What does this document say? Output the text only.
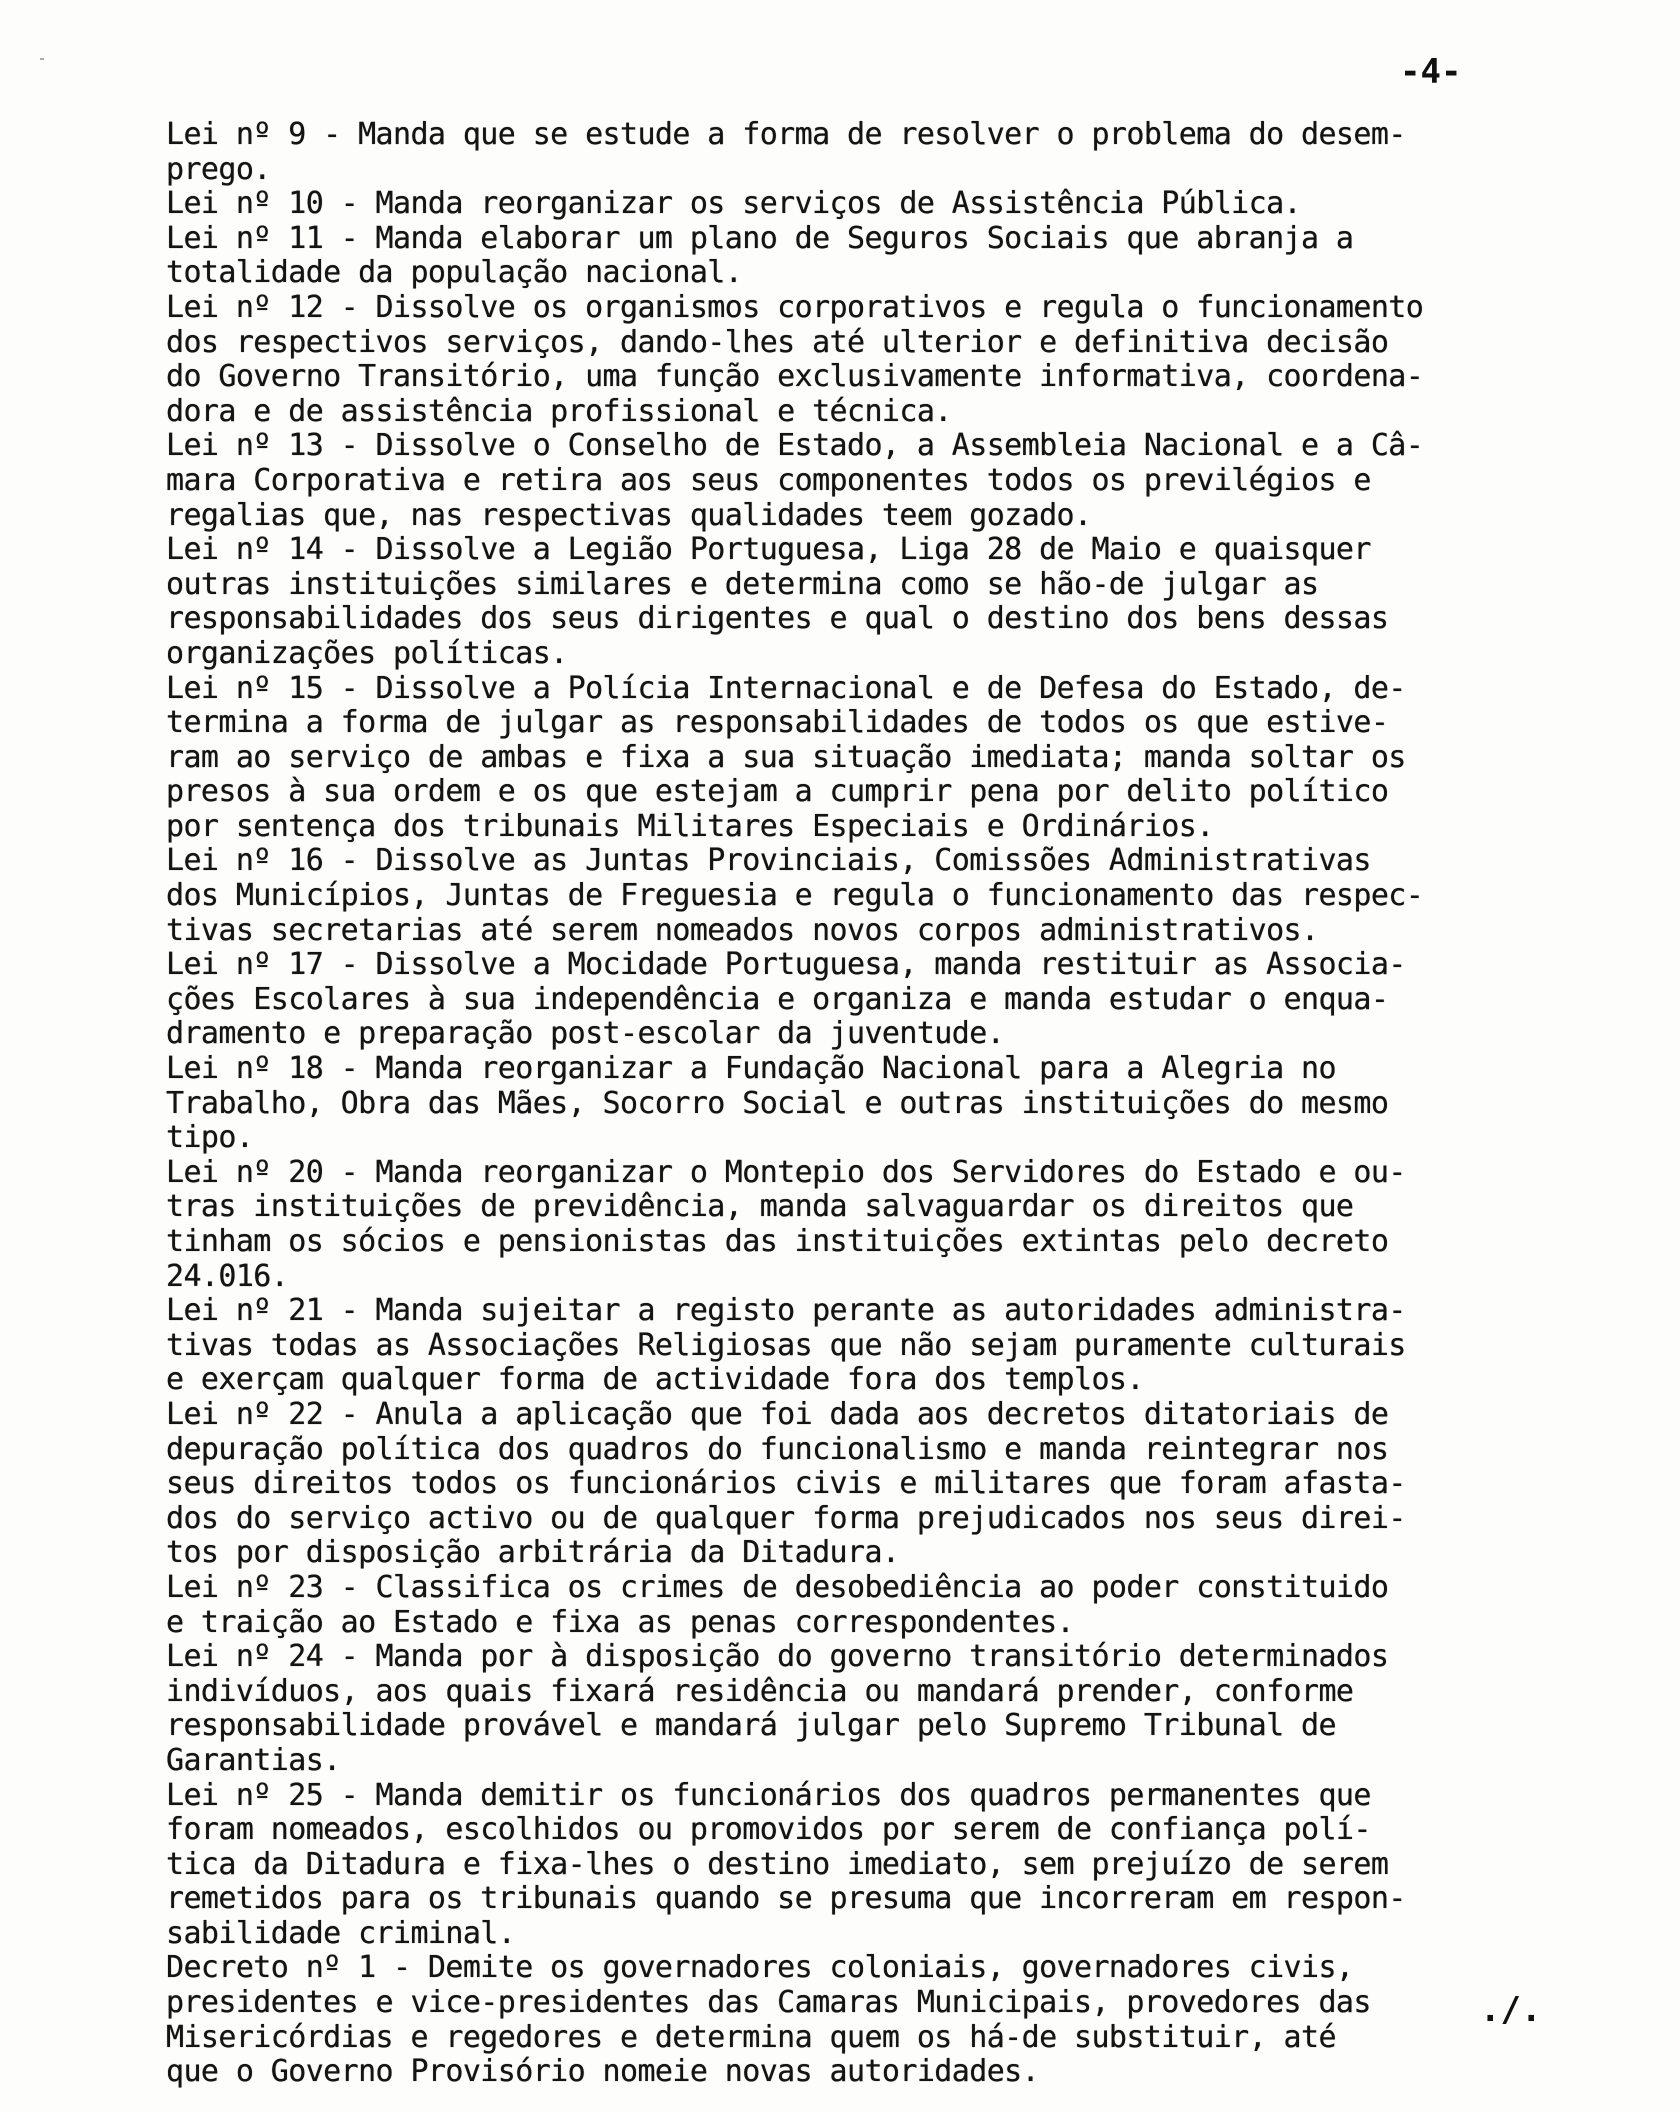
-4-
Lei nº 9 - Manda que se estude a forma de resolver o problema do desem-
prego.
Lei nº 10 - Manda reorganizar os serviços de Assistência Pública.
Lei nº 11 - Manda elaborar um plano de Seguros Sociais que abranja a
totalidade da população nacional.
Lei nº 12 - Dissolve os organismos corporativos e regula o funcionamento
dos respectivos serviços, dando-lhes até ulterior e definitiva decisão
do Governo Transitório, uma função exclusivamente informativa, coordena-
dora e de assistência profissional e técnica.
Lei nº 13 - Dissolve o Conselho de Estado, a Assembleia Nacional e a Câ-
mara Corporativa e retira aos seus componentes todos os previlégios e
regalias que, nas respectivas qualidades teem gozado.
Lei nº 14 - Dissolve a Legião Portuguesa, Liga 28 de Maio e quaisquer
outras instituições similares e determina como se hão-de julgar as
responsabilidades dos seus dirigentes e qual o destino dos bens dessas
organizações políticas.
Lei nº 15 - Dissolve a Polícia Internacional e de Defesa do Estado, de-
termina a forma de julgar as responsabilidades de todos os que estive-
ram ao serviço de ambas e fixa a sua situação imediata; manda soltar os
presos à sua ordem e os que estejam a cumprir pena por delito político
por sentença dos tribunais Militares Especiais e Ordinários.
Lei nº 16 - Dissolve as Juntas Provinciais, Comissões Administrativas
dos Municípios, Juntas de Freguesia e regula o funcionamento das respec-
tivas secretarias até serem nomeados novos corpos administrativos.
Lei nº 17 - Dissolve a Mocidade Portuguesa, manda restituir as Associa-
ções Escolares à sua independência e organiza e manda estudar o enqua-
dramento e preparação post-escolar da juventude.
Lei nº 18 - Manda reorganizar a Fundação Nacional para a Alegria no
Trabalho, Obra das Mães, Socorro Social e outras instituições do mesmo
tipo.
Lei nº 20 - Manda reorganizar o Montepio dos Servidores do Estado e ou-
tras instituições de previdência, manda salvaguardar os direitos que
tinham os sócios e pensionistas das instituições extintas pelo decreto
24.016.
Lei nº 21 - Manda sujeitar a registo perante as autoridades administra-
tivas todas as Associações Religiosas que não sejam puramente culturais
e exerçam qualquer forma de actividade fora dos templos.
Lei nº 22 - Anula a aplicação que foi dada aos decretos ditatoriais de
depuração política dos quadros do funcionalismo e manda reintegrar nos
seus direitos todos os funcionários civis e militares que foram afasta-
dos do serviço activo ou de qualquer forma prejudicados nos seus direi-
tos por disposição arbitrária da Ditadura.
Lei nº 23 - Classifica os crimes de desobediência ao poder constituido
e traição ao Estado e fixa as penas correspondentes.
Lei nº 24 - Manda por à disposição do governo transitório determinados
indivíduos, aos quais fixará residência ou mandará prender, conforme
responsabilidade provável e mandará julgar pelo Supremo Tribunal de
Garantias.
Lei nº 25 - Manda demitir os funcionários dos quadros permanentes que
foram nomeados, escolhidos ou promovidos por serem de confiança polí-
tica da Ditadura e fixa-lhes o destino imediato, sem prejuízo de serem
remetidos para os tribunais quando se presuma que incorreram em respon-
sabilidade criminal.
Decreto nº 1 - Demite os governadores coloniais, governadores civis,
presidentes e vice-presidentes das Camaras Municipais, provedores das
Misericórdias e regedores e determina quem os há-de substituir, até
que o Governo Provisório nomeie novas autoridades.
./.
